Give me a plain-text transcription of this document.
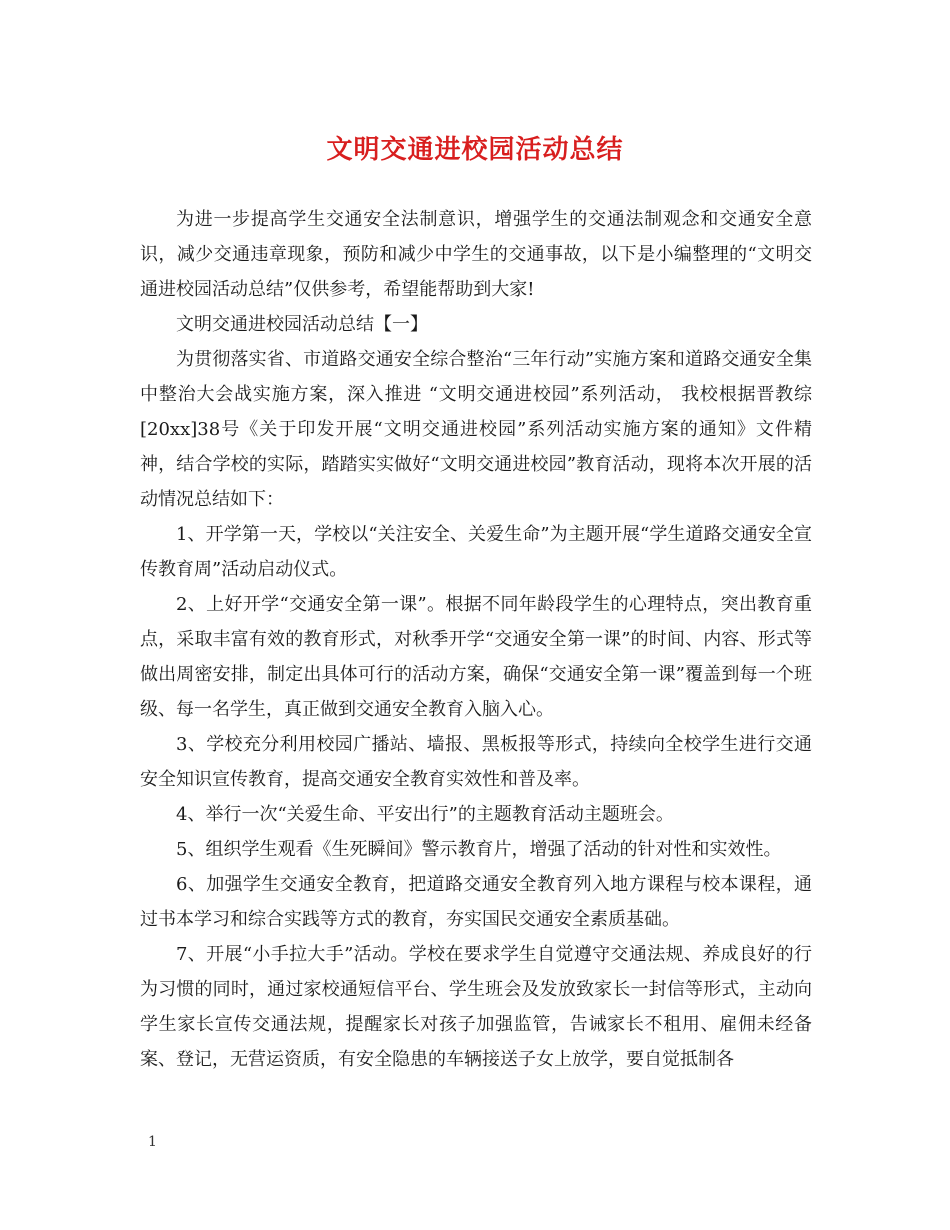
文明交通进校园活动总结

为进一步提高学生交通安全法制意识，增强学生的交通法制观念和交通安全意识，减少交通违章现象，预防和减少中学生的交通事故，以下是小编整理的“文明交通进校园活动总结”仅供参考，希望能帮助到大家!

文明交通进校园活动总结【一】

为贯彻落实省、市道路交通安全综合整治“三年行动”实施方案和道路交通安全集中整治大会战实施方案，深入推进 “文明交通进校园”系列活动， 我校根据晋教综[20xx]38号《关于印发开展“文明交通进校园”系列活动实施方案的通知》文件精神，结合学校的实际，踏踏实实做好“文明交通进校园”教育活动，现将本次开展的活动情况总结如下：

1、开学第一天，学校以“关注安全、关爱生命”为主题开展“学生道路交通安全宣传教育周”活动启动仪式。

2、上好开学“交通安全第一课”。根据不同年龄段学生的心理特点，突出教育重点，采取丰富有效的教育形式，对秋季开学“交通安全第一课”的时间、内容、形式等做出周密安排，制定出具体可行的活动方案，确保“交通安全第一课”覆盖到每一个班级、每一名学生，真正做到交通安全教育入脑入心。

3、学校充分利用校园广播站、墙报、黑板报等形式，持续向全校学生进行交通安全知识宣传教育，提高交通安全教育实效性和普及率。

4、举行一次“关爱生命、平安出行”的主题教育活动主题班会。

5、组织学生观看《生死瞬间》警示教育片，增强了活动的针对性和实效性。

6、加强学生交通安全教育，把道路交通安全教育列入地方课程与校本课程，通过书本学习和综合实践等方式的教育，夯实国民交通安全素质基础。

7、开展“小手拉大手”活动。学校在要求学生自觉遵守交通法规、养成良好的行为习惯的同时，通过家校通短信平台、学生班会及发放致家长一封信等形式，主动向学生家长宣传交通法规，提醒家长对孩子加强监管，告诫家长不租用、雇佣未经备案、登记，无营运资质，有安全隐患的车辆接送子女上放学，要自觉抵制各

1
